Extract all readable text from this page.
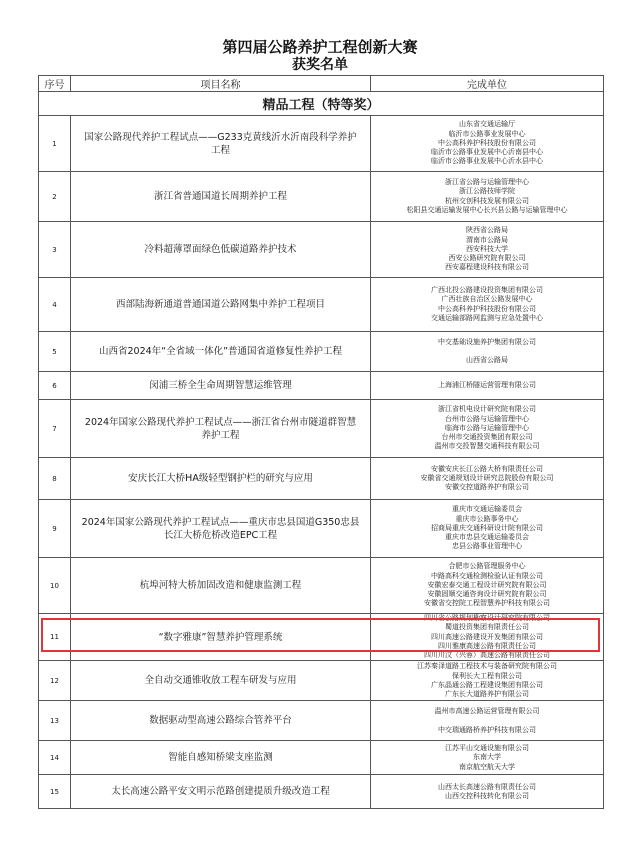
第四届公路养护工程创新大赛
获奖名单
序号	项目名称	完成单位
精品工程（特等奖）		
1	国家公路现代养护工程试点——G233克黄线沂水沂南段科学养护工程	山东省交通运输厅
临沂市公路事业发展中心
中公高科养护科技股份有限公司
临沂市公路事业发展中心沂南县中心
临沂市公路事业发展中心沂水县中心

2	浙江省普通国道长周期养护工程	浙江省公路与运输管理中心
浙江公路技师学院
杭州交创科技发展有限公司
松阳县交通运输发展中心长兴县公路与运输管理中心

3	冷料超薄罩面绿色低碳道路养护技术	陕西省公路局
渭南市公路局
西安科技大学
西安公路研究院有限公司
西安嘉程建设科技有限公司

4	西部陆海新通道普通国道公路网集中养护工程项目	广西北投公路建设投资集团有限公司
广西壮族自治区公路发展中心
中公高科养护科技股份有限公司
交通运输部路网监测与应急处置中心

5	山西省2024年“全省域一体化”普通国省道修复性养护工程	中交基础设施养护集团有限公司

山西省公路局

6	闵浦三桥全生命周期智慧运维管理	上海浦江桥隧运营管理有限公司

7	2024年国家公路现代养护工程试点——浙江省台州市隧道群智慧养护工程	浙江省机电设计研究院有限公司
台州市公路与运输管理中心
临海市公路与运输管理中心
台州市交通投资集团有限公司
温州市交投智慧交通科技有限公司

8	安庆长江大桥HA级轻型钢护栏的研究与应用	安徽安庆长江公路大桥有限责任公司
安徽省交通规划设计研究总院股份有限公司
安徽交控道路养护有限公司

9	2024年国家公路现代养护工程试点——重庆市忠县国道G350忠县长江大桥危桥改造EPC工程	重庆市交通运输委员会
重庆市公路事务中心
招商局重庆交通科研设计院有限公司
重庆市忠县交通运输委员会
忠县公路事业管理中心

10	杭埠河特大桥加固改造和健康监测工程	合肥市公路管理服务中心
中路高科交通检测检验认证有限公司
安徽宏泰交通工程设计研究院有限公司
安徽固顺交通咨询设计研究院有限公司
安徽省交控院工程智慧养护科技有限公司

11	“数字雅康”智慧养护管理系统	四川省公路规划勘察设计研究院有限公司
蜀道投资集团有限责任公司
四川高速公路建设开发集团有限公司
四川雅康高速公路有限责任公司
四川川汶（兴蓉）高速公路有限责任公司

12	全自动交通锥收放工程车研发与应用	江苏秦泽道路工程技术与装备研究院有限公司
保利长大工程有限公司
广东晶通公路工程建设集团有限公司
广东长大道路养护有限公司

13	数据驱动型高速公路综合管养平台	温州市高速公路运营管理有限公司

中交瑞通路桥养护科技有限公司

14	智能自感知桥梁支座监测	江苏平山交通设施有限公司
东南大学
南京航空航天大学

15	太长高速公路平安文明示范路创建提质升级改造工程	山西太长高速公路有限责任公司
山西交控科技转化有限公司
